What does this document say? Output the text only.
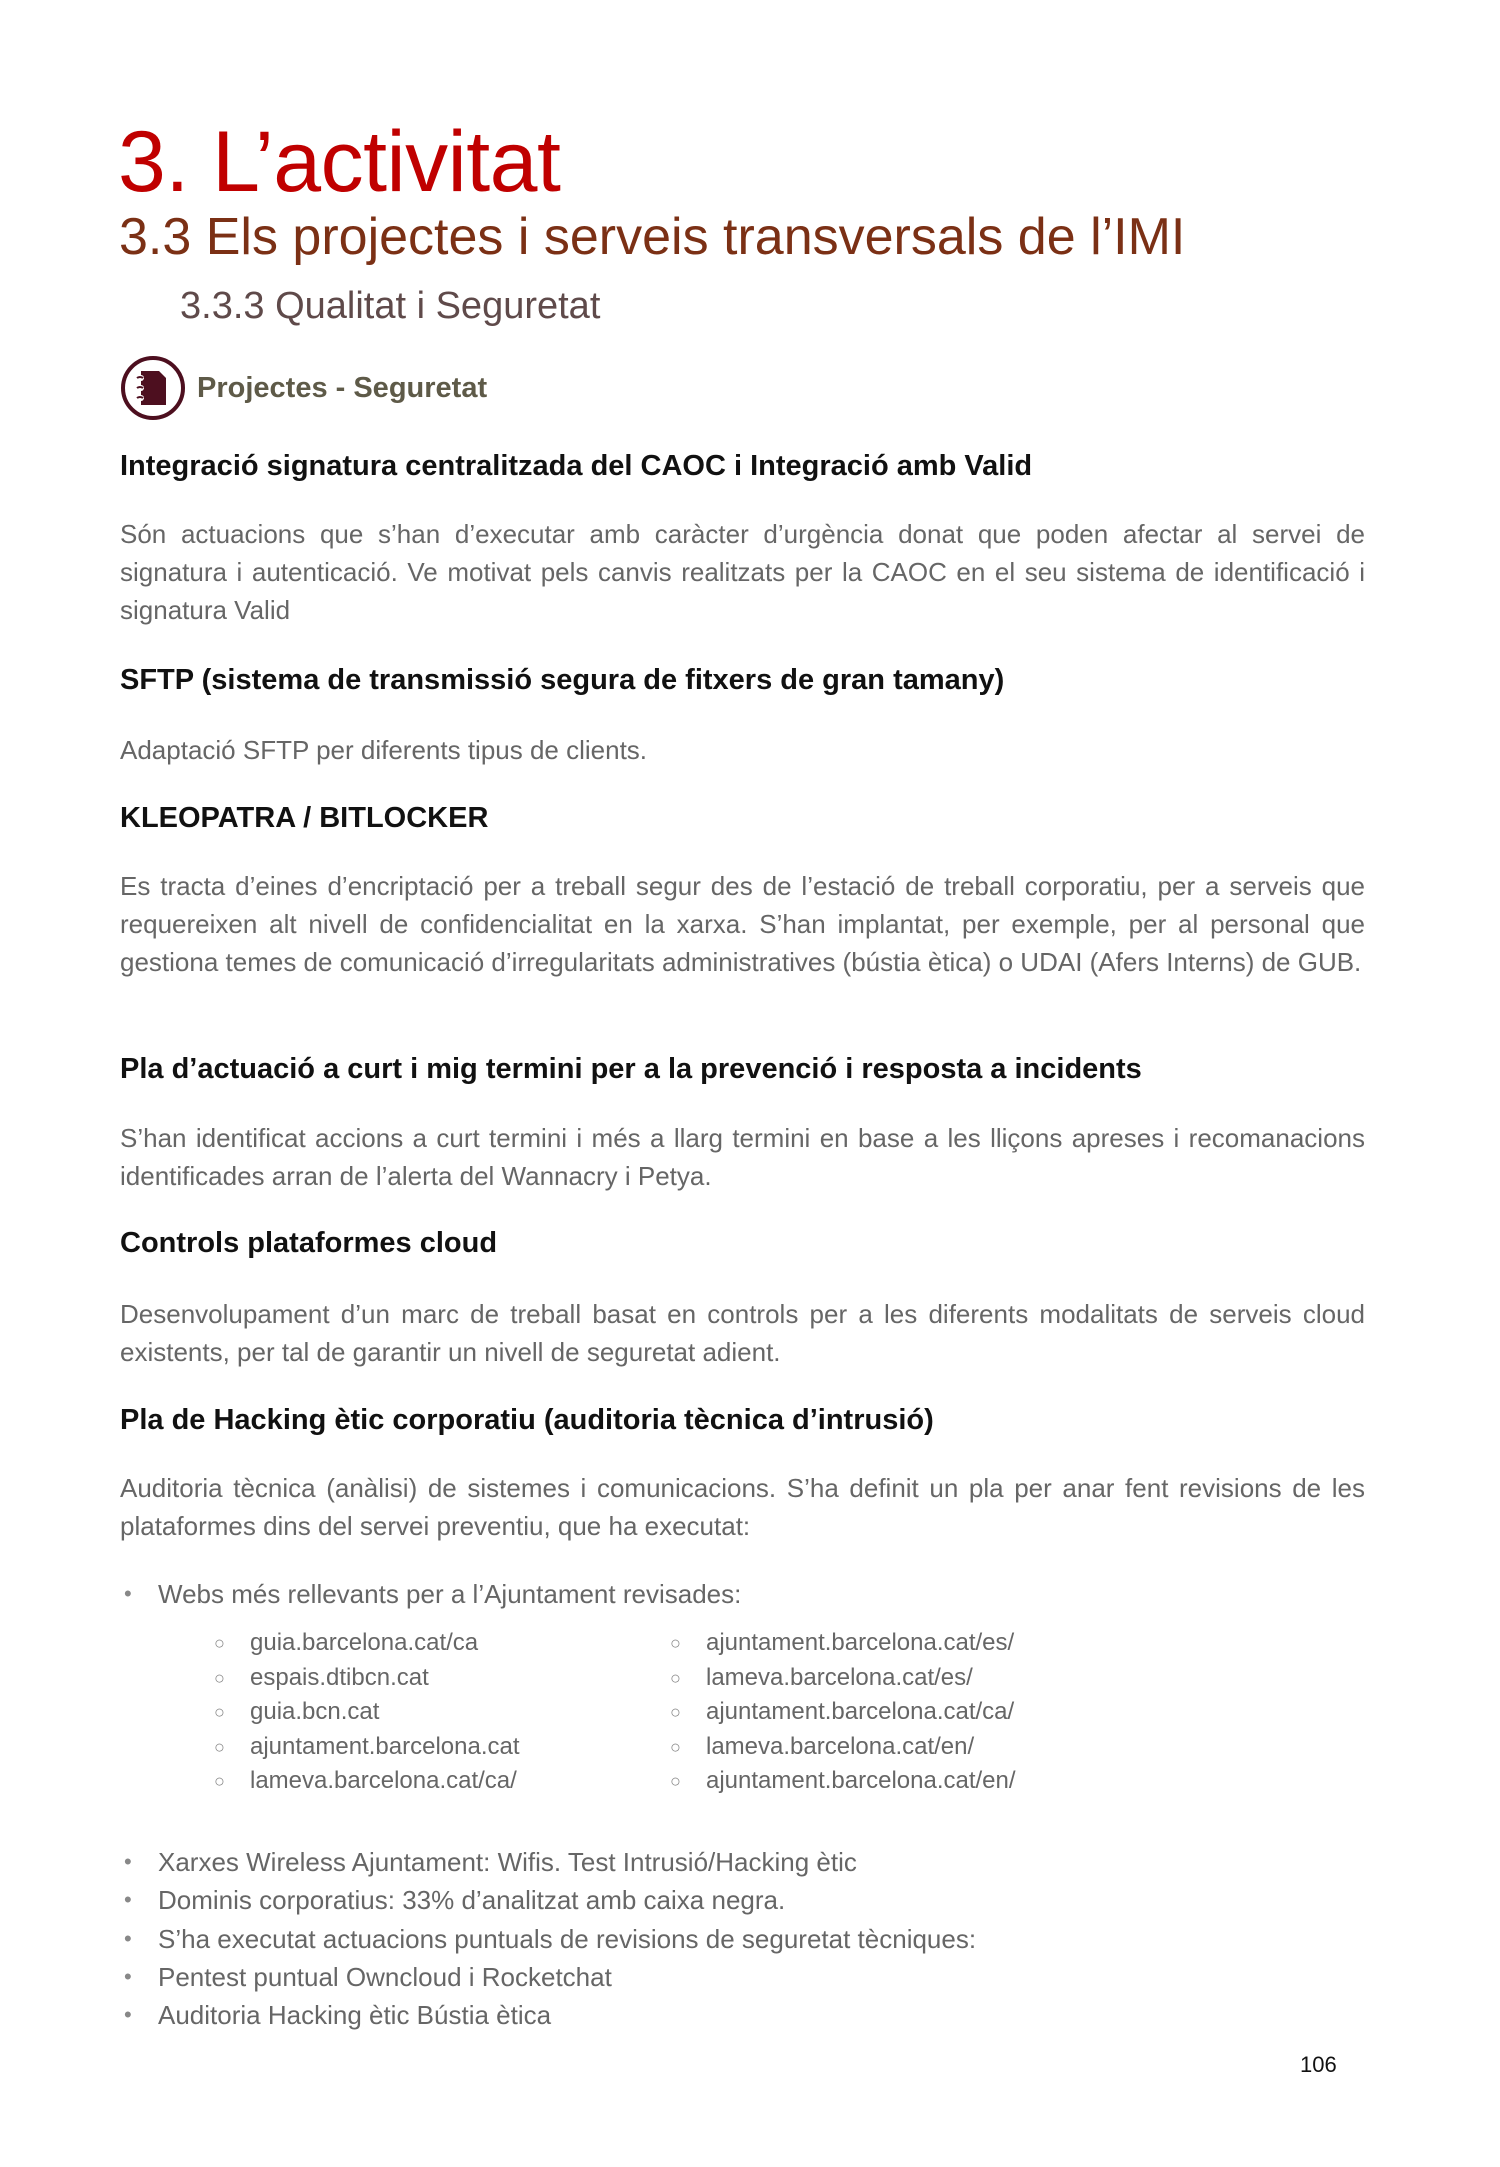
3. L’activitat
3.3 Els projectes i serveis transversals de l’IMI
3.3.3 Qualitat i Seguretat
Projectes - Seguretat
Integració signatura centralitzada del CAOC i Integració amb Valid
Són actuacions que s’han d’executar amb caràcter d’urgència donat que poden afectar al servei de signatura i autenticació. Ve motivat pels canvis realitzats per la CAOC en el seu sistema de identificació i signatura Valid
SFTP (sistema de transmissió segura de fitxers de gran tamany)
Adaptació SFTP per diferents tipus de clients.
KLEOPATRA / BITLOCKER
Es tracta d’eines d’encriptació per a treball segur des de l’estació de treball corporatiu, per a serveis que requereixen alt nivell de confidencialitat en la xarxa. S’han implantat, per exemple, per al personal que gestiona temes de comunicació d’irregularitats administratives (bústia ètica) o UDAI (Afers Interns) de GUB.
Pla d’actuació a curt i mig termini per a la prevenció i resposta a incidents
S’han identificat accions a curt termini i més a llarg termini en base a les lliçons apreses i recomanacions identificades arran de l’alerta del Wannacry i Petya.
Controls plataformes cloud
Desenvolupament d’un marc de treball basat en controls per a les diferents modalitats de serveis cloud existents, per tal de garantir un nivell de seguretat adient.
Pla de Hacking ètic corporatiu (auditoria tècnica d’intrusió)
Auditoria tècnica (anàlisi) de sistemes i comunicacions. S’ha definit un pla per anar fent revisions de les plataformes dins del servei preventiu, que ha executat:
• Webs més rellevants per a l’Ajuntament revisades:
○ guia.barcelona.cat/ca
○ espais.dtibcn.cat
○ guia.bcn.cat
○ ajuntament.barcelona.cat
○ lameva.barcelona.cat/ca/
○ ajuntament.barcelona.cat/es/
○ lameva.barcelona.cat/es/
○ ajuntament.barcelona.cat/ca/
○ lameva.barcelona.cat/en/
○ ajuntament.barcelona.cat/en/
• Xarxes Wireless Ajuntament: Wifis. Test Intrusió/Hacking ètic
• Dominis corporatius: 33% d’analitzat amb caixa negra.
• S’ha executat actuacions puntuals de revisions de seguretat tècniques:
• Pentest puntual Owncloud i Rocketchat
• Auditoria Hacking ètic Bústia ètica
106
